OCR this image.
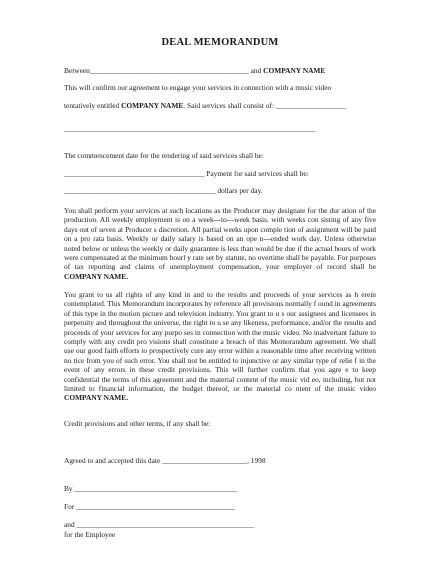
DEAL MEMORANDUM

Between___________________________________________ and COMPANY NAME

This will confirm our agreement to engage your services in connection with a music video

tentatively entitled COMPANY NAME. Said services shall consist of: ___________________

____________________________________________________________________

The commencement date for the rendering of said services shall be:

______________________________________ Payment for said services shall be:

_________________________________________ dollars per day.

You shall perform your services at such locations as the Producer may designate for the dur ation of the production. All weekly employment is on a week---to---week basis. with weeks con sisting of any five days out of seven at Producer s discretion. All partial weeks upon comple tion of assignment will be paid on a pro rata basis. Weekly or daily salary is based on an ope n---ended work day. Unless otherwise noted below or unless the weekly or daily guarantee is less than would be due if the actual hours of work were compensated at the minimum hourl y rate set by statute, no overtime shall be payable. For purposes of tax reporting and claims of unemployment compensation, your employer of record shall be COMPANY NAME.

You grant to us all rights of any kind in and to the results and proceeds of your services as h erein contemplated. This Memorandum incorporates by reference all provisions normally f ound in agreements of this type in the motion picture and television industry. You grant to u s our assignees and licensees in perpetuity and throughout the universe, the right to u se any likeness, performance, and/or the results and proceeds of your services for any purpo ses in connection with the music video. No inadvertant failure to comply with any credit pro visions shall constitute a breach of this Memorandum agreement. We shall use our good faith efforts to prospectively cure any error within a reasonable time after receiving written no tice from you of such error. You shall not be entitled to injunctive or any similar type of relie f in the event of any errors in these credit provisions. This will further confirm that you agre e to keep confidential the terms of this agreement and the material content of the music vid eo, including, but not limited to financial information, the budget thereof, or the material co ntent of the music video COMPANY NAME.

Credit provisions and other terms, if any shall be:

Agreed to and accepted this date _______________________, 1998

By ____________________________________________

For ___________________________________________

and ________________________________________________

for the Employee
